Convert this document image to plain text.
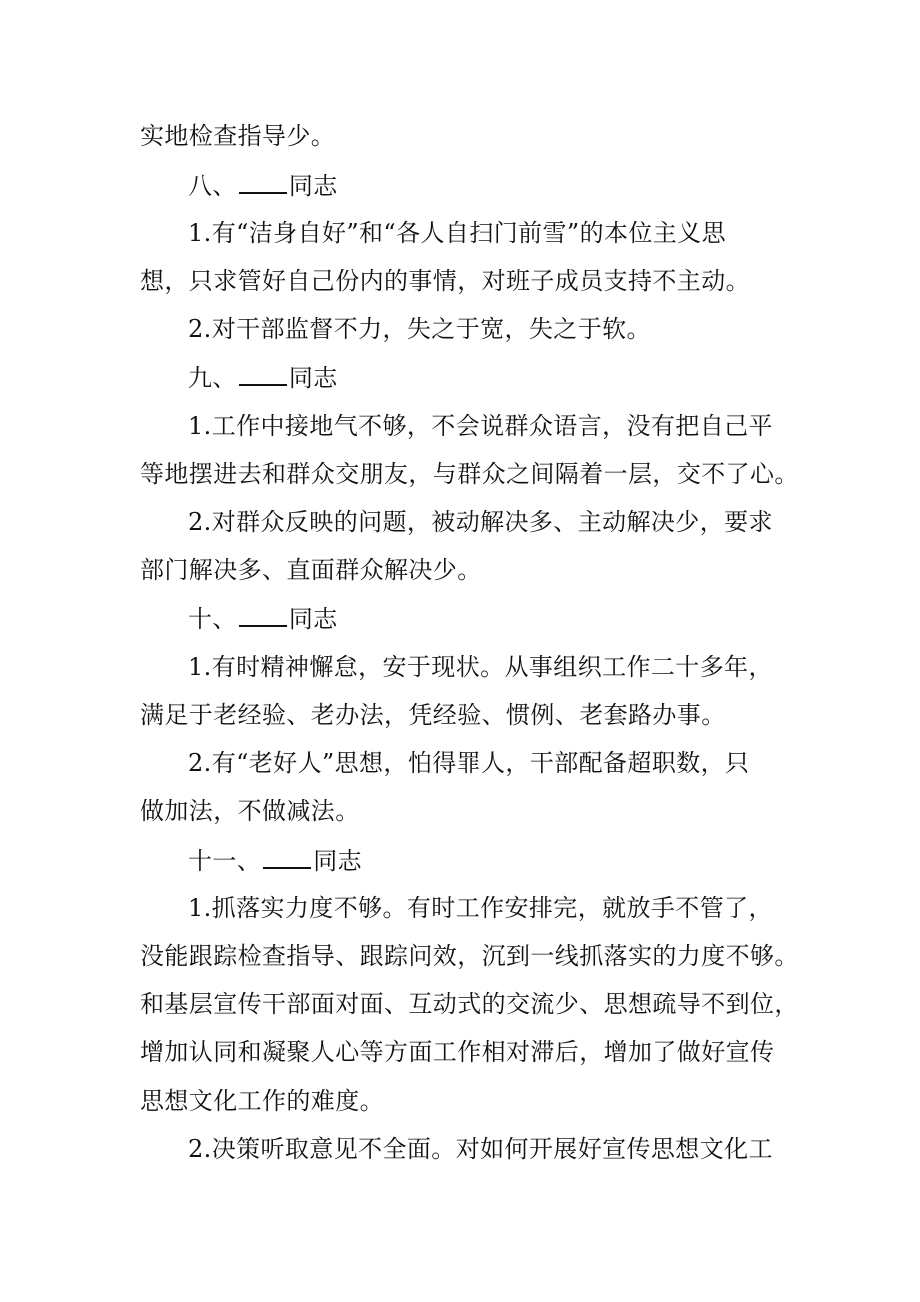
实地检查指导少。
八、 同志
1.有“洁身自好”和“各人自扫门前雪”的本位主义思
想，只求管好自己份内的事情，对班子成员支持不主动。
2.对干部监督不力，失之于宽，失之于软。
九、 同志
1.工作中接地气不够，不会说群众语言，没有把自己平
等地摆进去和群众交朋友，与群众之间隔着一层，交不了心。
2.对群众反映的问题，被动解决多、主动解决少，要求
部门解决多、直面群众解决少。
十、 同志
1.有时精神懈怠，安于现状。从事组织工作二十多年，
满足于老经验、老办法，凭经验、惯例、老套路办事。
2.有“老好人”思想，怕得罪人，干部配备超职数，只
做加法，不做减法。
十一、 同志
1.抓落实力度不够。有时工作安排完，就放手不管了，
没能跟踪检查指导、跟踪问效，沉到一线抓落实的力度不够。
和基层宣传干部面对面、互动式的交流少、思想疏导不到位，
增加认同和凝聚人心等方面工作相对滞后，增加了做好宣传
思想文化工作的难度。
2.决策听取意见不全面。对如何开展好宣传思想文化工
